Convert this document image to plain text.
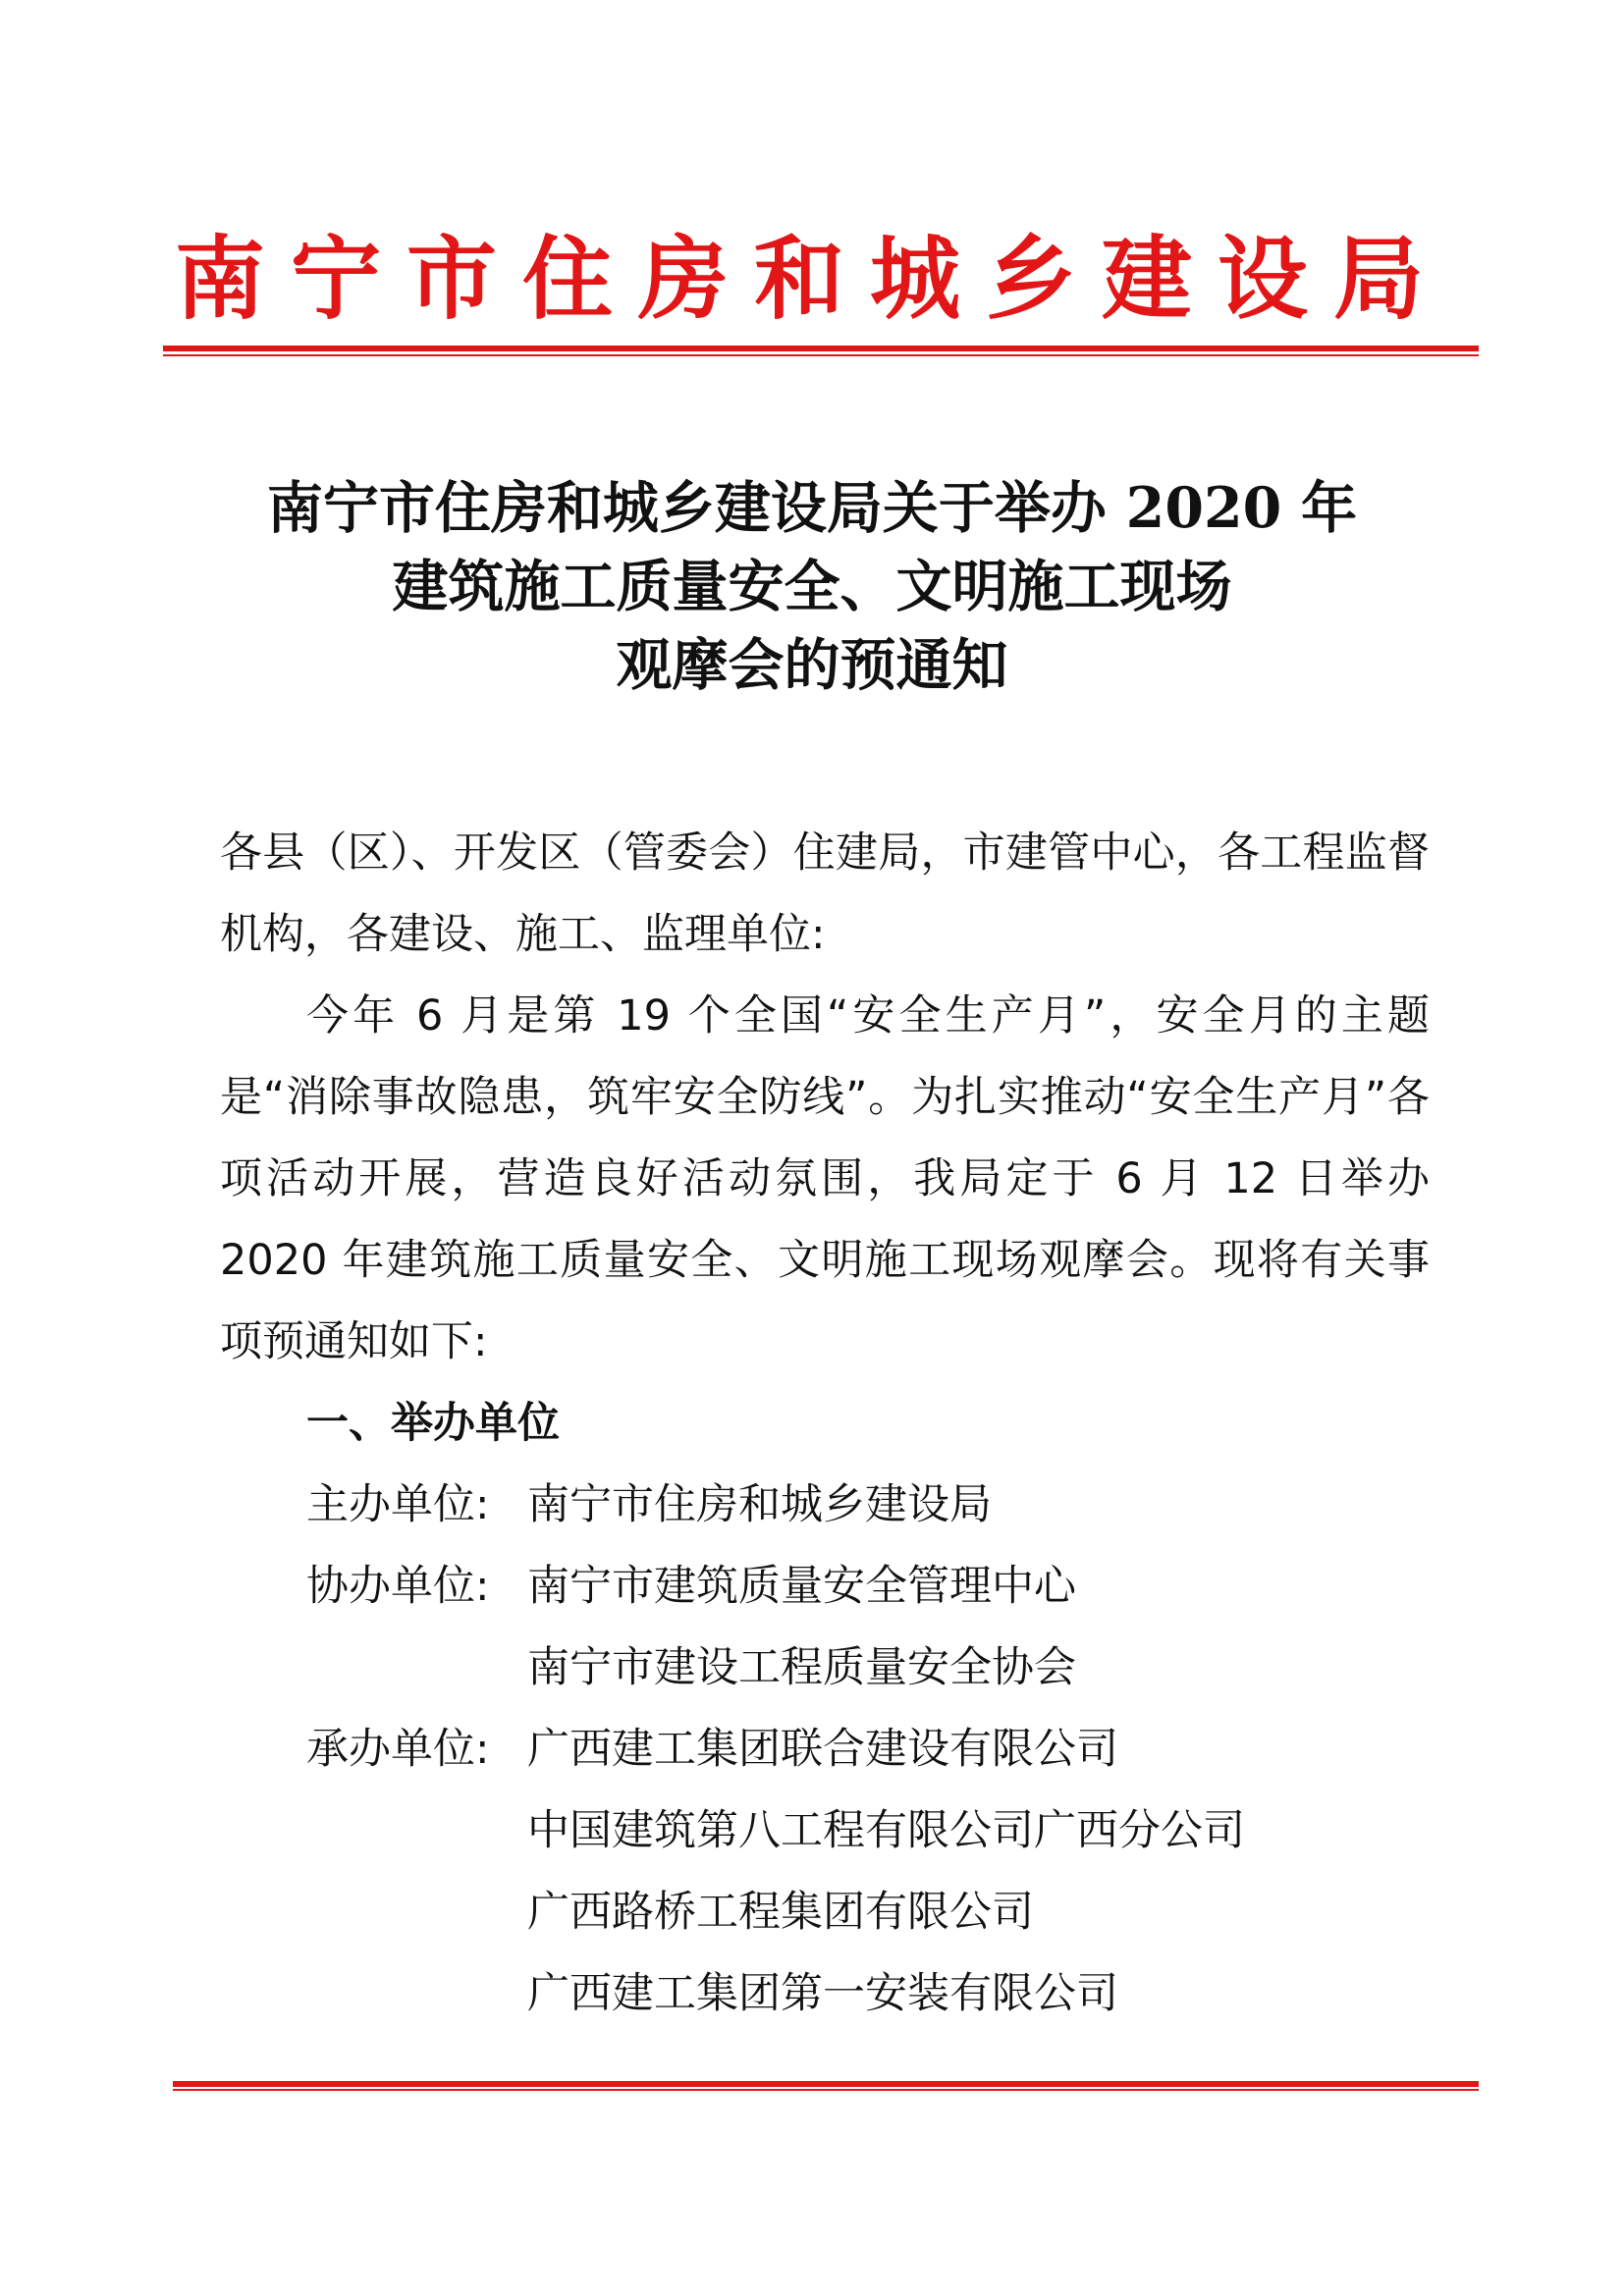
南宁市住房和城乡建设局
南宁市住房和城乡建设局关于举办 2020 年
建筑施工质量安全、文明施工现场
观摩会的预通知

各县（区）、开发区（管委会）住建局，市建管中心，各工程监督机构，各建设、施工、监理单位:

今年 6 月是第 19 个全国“安全生产月”，安全月的主题是“消除事故隐患，筑牢安全防线”。为扎实推动“安全生产月”各项活动开展，营造良好活动氛围，我局定于 6 月 12 日举办 2020 年建筑施工质量安全、文明施工现场观摩会。现将有关事项预通知如下:

一、举办单位

主办单位: 南宁市住房和城乡建设局
协办单位: 南宁市建筑质量安全管理中心
南宁市建设工程质量安全协会
承办单位: 广西建工集团联合建设有限公司
中国建筑第八工程有限公司广西分公司
广西路桥工程集团有限公司
广西建工集团第一安装有限公司
